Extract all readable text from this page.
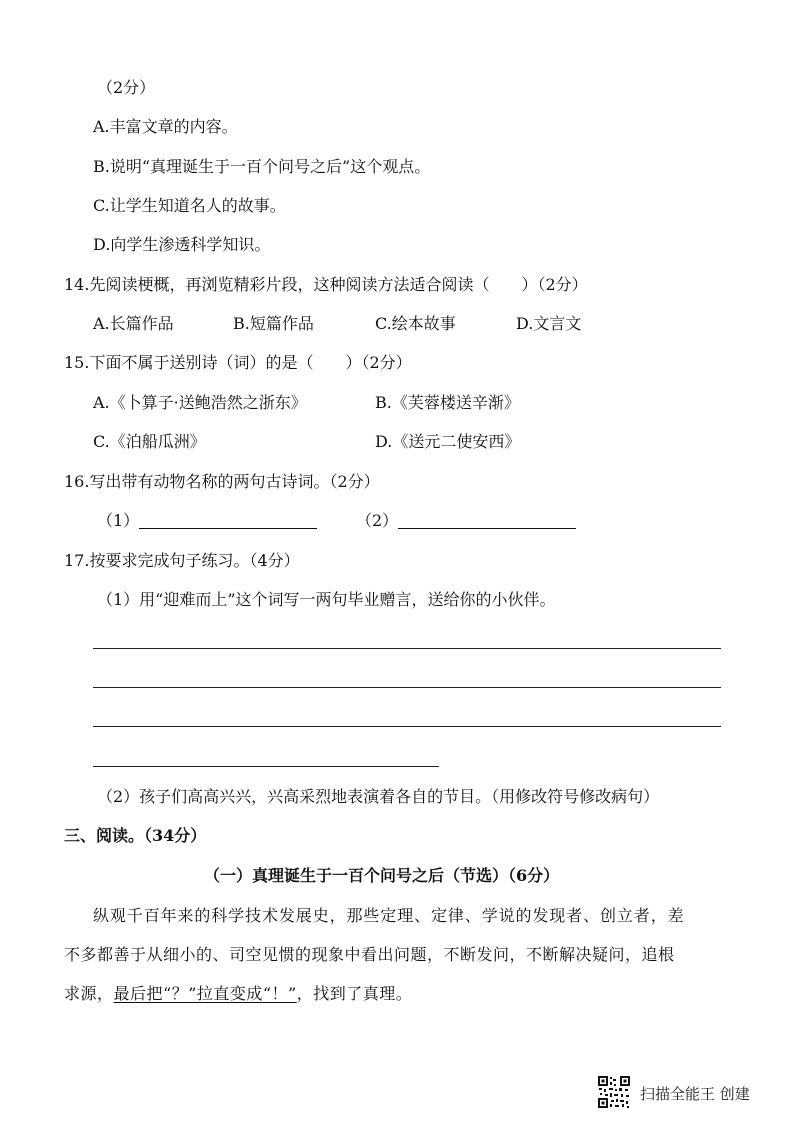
（2分）
A.丰富文章的内容。
B.说明“真理诞生于一百个问号之后”这个观点。
C.让学生知道名人的故事。
D.向学生渗透科学知识。
14.先阅读梗概，再浏览精彩片段，这种阅读方法适合阅读（　　）（2分）
A.长篇作品	B.短篇作品	C.绘本故事	D.文言文
15.下面不属于送别诗（词）的是（　　）（2分）
A.《卜算子·送鲍浩然之浙东》	B.《芙蓉楼送辛渐》
C.《泊船瓜洲》	D.《送元二使安西》
16.写出带有动物名称的两句古诗词。（2分）
（1）	（2）
17.按要求完成句子练习。（4分）
（1）用“迎难而上”这个词写一两句毕业赠言，送给你的小伙伴。
（2）孩子们高高兴兴，兴高采烈地表演着各自的节目。（用修改符号修改病句）
三、阅读。（34分）
（一）真理诞生于一百个问号之后（节选）（6分）
纵观千百年来的科学技术发展史，那些定理、定律、学说的发现者、创立者，差
不多都善于从细小的、司空见惯的现象中看出问题，不断发问，不断解决疑问，追根
求源，最后把“？”拉直变成“！”，找到了真理。
扫描全能王 创建
